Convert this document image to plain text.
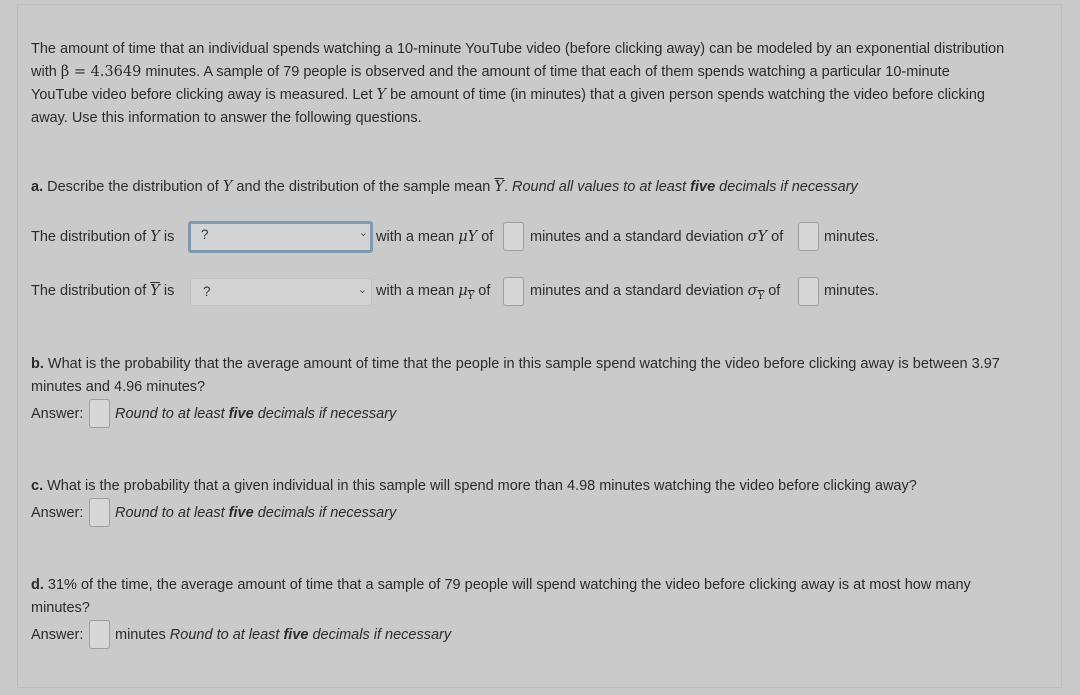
The amount of time that an individual spends watching a 10-minute YouTube video (before clicking away) can be modeled by an exponential distribution
with β = 4.3649 minutes. A sample of 79 people is observed and the amount of time that each of them spends watching a particular 10-minute
YouTube video before clicking away is measured. Let Y be amount of time (in minutes) that a given person spends watching the video before clicking
away. Use this information to answer the following questions.
a. Describe the distribution of Y and the distribution of the sample mean $\overline{Y}$. Round all values to at least five decimals if necessary
The distribution of Y is ?	⌄ with a mean μY of	minutes and a standard deviation σY of	minutes.
The distribution of $\overline{Y}$ is ?	⌄ with a mean $\mu_{\overline{Y}}$ of	minutes and a standard deviation $\sigma_{\overline{Y}}$ of	minutes.
b. What is the probability that the average amount of time that the people in this sample spend watching the video before clicking away is between 3.97
minutes and 4.96 minutes?
Answer: Round to at least five decimals if necessary
c. What is the probability that a given individual in this sample will spend more than 4.98 minutes watching the video before clicking away?
Answer: Round to at least five decimals if necessary
d. 31% of the time, the average amount of time that a sample of 79 people will spend watching the video before clicking away is at most how many
minutes?
Answer: minutes Round to at least five decimals if necessary
